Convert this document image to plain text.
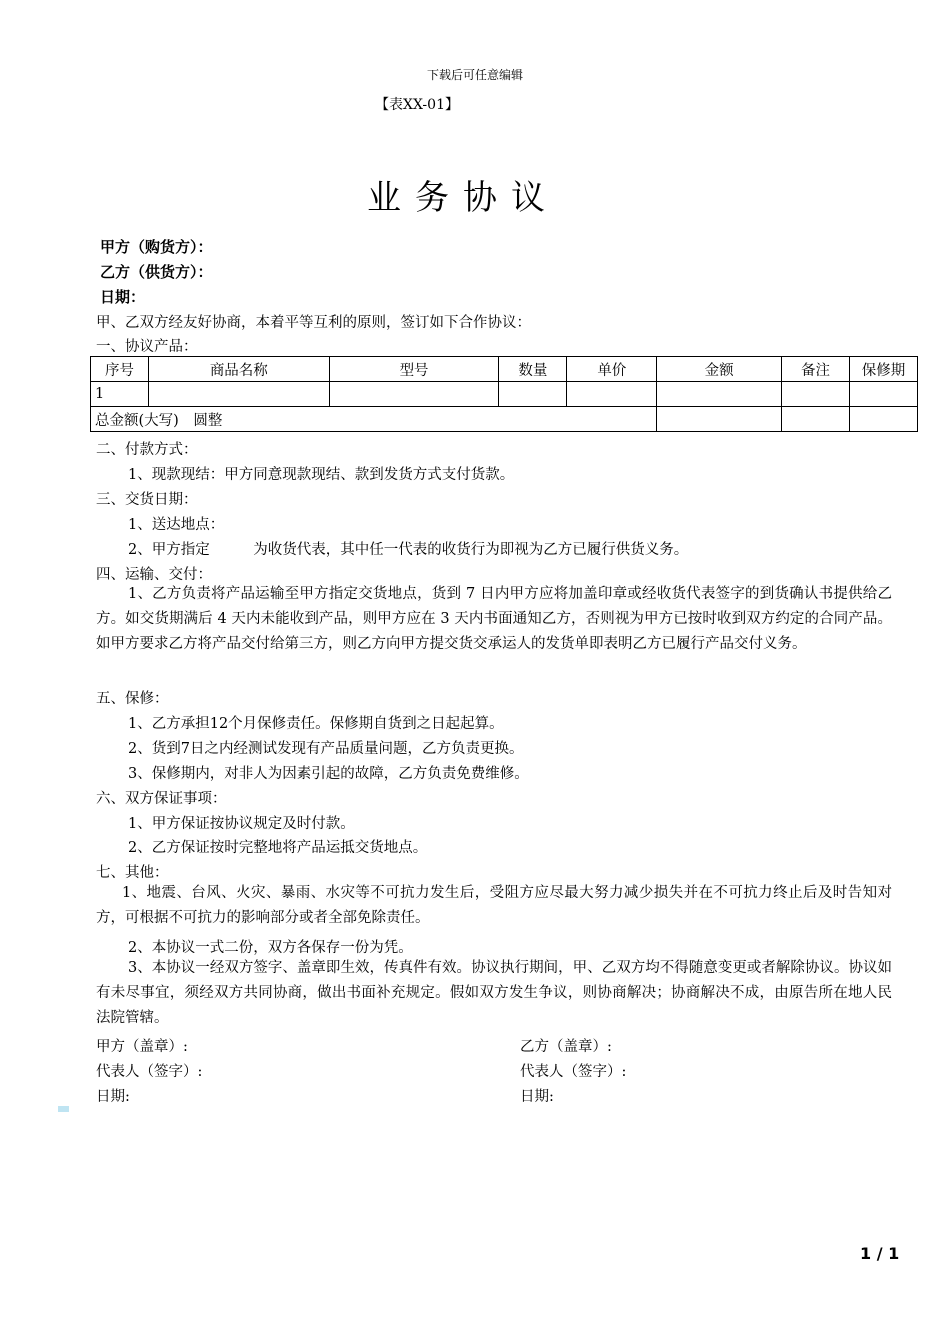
下载后可任意编辑
【表XX-01】
业务协议
甲方（购货方）：
乙方（供货方）：
日期：
甲、乙双方经友好协商，本着平等互利的原则，签订如下合作协议：
一、协议产品：
序号	商品名称	型号	数量	单价	金额	备注	保修期
1							
总金额(大写)　圆整							
二、付款方式：
1、现款现结：甲方同意现款现结、款到发货方式支付货款。
三、交货日期：
1、送达地点：
2、甲方指定　　　为收货代表，其中任一代表的收货行为即视为乙方已履行供货义务。
四、运输、交付：
1、乙方负责将产品运输至甲方指定交货地点，货到 7 日内甲方应将加盖印章或经收货代表签字的到货确认书提供给乙方。如交货期满后 4 天内未能收到产品，则甲方应在 3 天内书面通知乙方，否则视为甲方已按时收到双方约定的合同产品。如甲方要求乙方将产品交付给第三方，则乙方向甲方提交货交承运人的发货单即表明乙方已履行产品交付义务。
五、保修：
1、乙方承担12个月保修责任。保修期自货到之日起起算。
2、货到7日之内经测试发现有产品质量问题，乙方负责更换。
3、保修期内，对非人为因素引起的故障，乙方负责免费维修。
六、双方保证事项：
1、甲方保证按协议规定及时付款。
2、乙方保证按时完整地将产品运抵交货地点。
七、其他：
1、地震、台风、火灾、暴雨、水灾等不可抗力发生后，受阻方应尽最大努力减少损失并在不可抗力终止后及时告知对方，可根据不可抗力的影响部分或者全部免除责任。
2、本协议一式二份，双方各保存一份为凭。
3、本协议一经双方签字、盖章即生效，传真件有效。协议执行期间，甲、乙双方均不得随意变更或者解除协议。协议如有未尽事宜，须经双方共同协商，做出书面补充规定。假如双方发生争议，则协商解决；协商解决不成，由原告所在地人民法院管辖。
甲方（盖章）:
代表人（签字）:
日期:
乙方（盖章）:
代表人（签字）:
日期:
1 / 1
